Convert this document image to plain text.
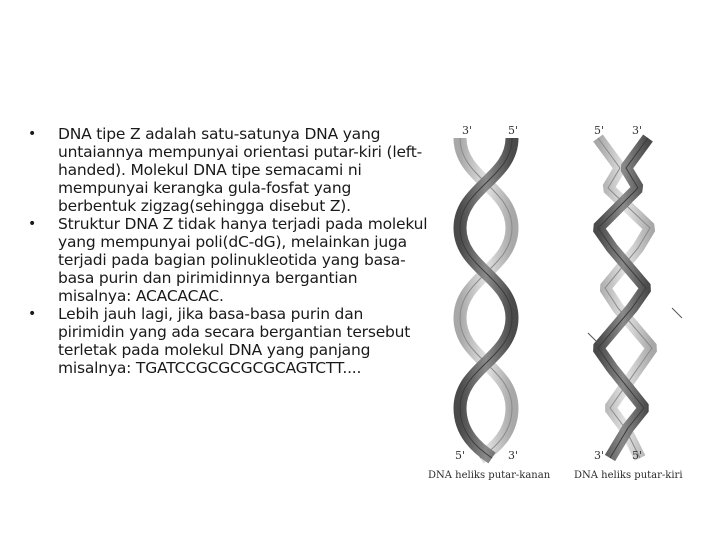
• DNA tipe Z adalah satu-satunya DNA yang untaiannya mempunyai orientasi putar-kiri (left-handed). Molekul DNA tipe semacami ni mempunyai kerangka gula-fosfat yang berbentuk zigzag(sehingga disebut Z).
• Struktur DNA Z tidak hanya terjadi pada molekul yang mempunyai poli(dC-dG), melainkan juga terjadi pada bagian polinukleotida yang basa-basa purin dan pirimidinnya bergantian misalnya: ACACACAC.
• Lebih jauh lagi, jika basa-basa purin dan pirimidin yang ada secara bergantian tersebut terletak pada molekul DNA yang panjang misalnya: TGATCCGCGCGCGCAGTCTT....
3'	5'	5'	3'
5'	3'	3'	5'
DNA heliks putar-kanan DNA heliks putar-kiri
